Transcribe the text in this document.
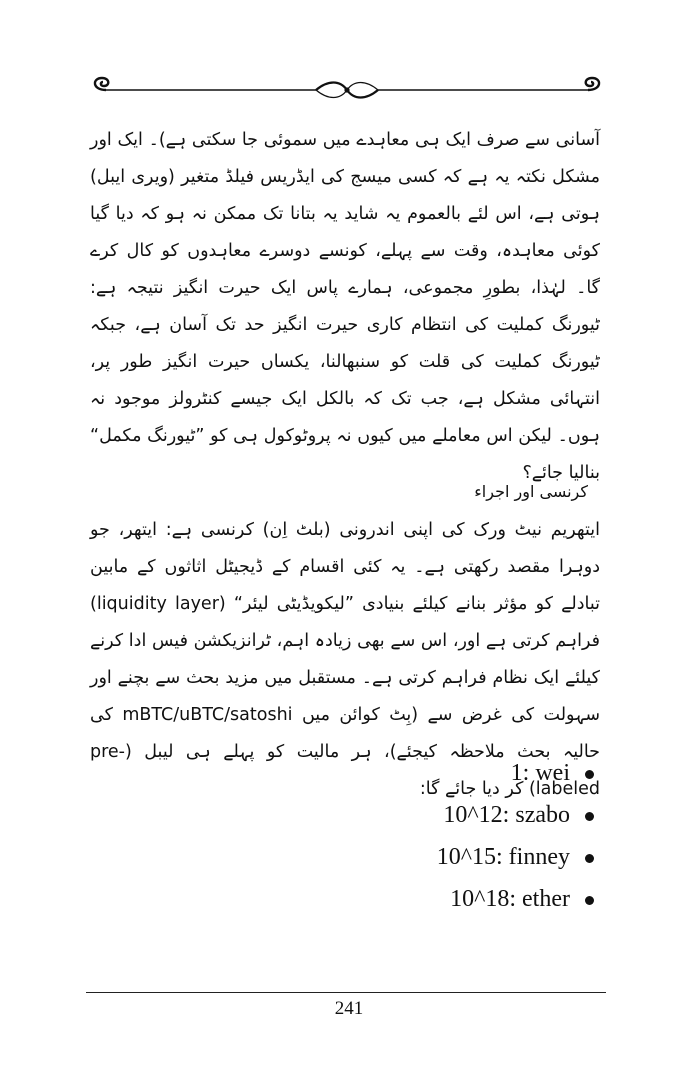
آسانی سے صرف ایک ہی معاہدے میں سموئی جا سکتی ہے)۔ ایک اور مشکل نکتہ یہ ہے کہ کسی میسج کی ایڈریس فیلڈ متغیر (ویری ایبل) ہوتی ہے، اس لئے بالعموم یہ شاید یہ بتانا تک ممکن نہ ہو کہ دیا گیا کوئی معاہدہ، وقت سے پہلے، کونسے دوسرے معاہدوں کو کال کرے گا۔ لہٰذا، بطورِ مجموعی، ہمارے پاس ایک حیرت انگیز نتیجہ ہے: ٹیورنگ کملیت کی انتظام کاری حیرت انگیز حد تک آسان ہے، جبکہ ٹیورنگ کملیت کی قلت کو سنبھالنا، یکساں حیرت انگیز طور پر، انتہائی مشکل ہے، جب تک کہ بالکل ایک جیسے کنٹرولز موجود نہ ہوں۔ لیکن اس معاملے میں کیوں نہ پروٹوکول ہی کو ”ٹیورنگ مکمل“ بنالیا جائے؟

کرنسی اور اجراء

ایتھریم نیٹ ورک کی اپنی اندرونی (بلٹ اِن) کرنسی ہے: ایتھر، جو دوہرا مقصد رکھتی ہے۔ یہ کئی اقسام کے ڈیجیٹل اثاثوں کے مابین تبادلے کو مؤثر بنانے کیلئے بنیادی ”لیکویڈیٹی لیئر“ (liquidity layer) فراہم کرتی ہے اور، اس سے بھی زیادہ اہم، ٹرانزیکشن فیس ادا کرنے کیلئے ایک نظام فراہم کرتی ہے۔ مستقبل میں مزید بحث سے بچنے اور سہولت کی غرض سے (بِٹ کوائن میں mBTC/uBTC/satoshi کی حالیہ بحث ملاحظہ کیجئے)، ہر مالیت کو پہلے ہی لیبل (pre-labeled) کر دیا جائے گا:

1: wei
10^12: szabo
10^15: finney
10^18: ether
241
